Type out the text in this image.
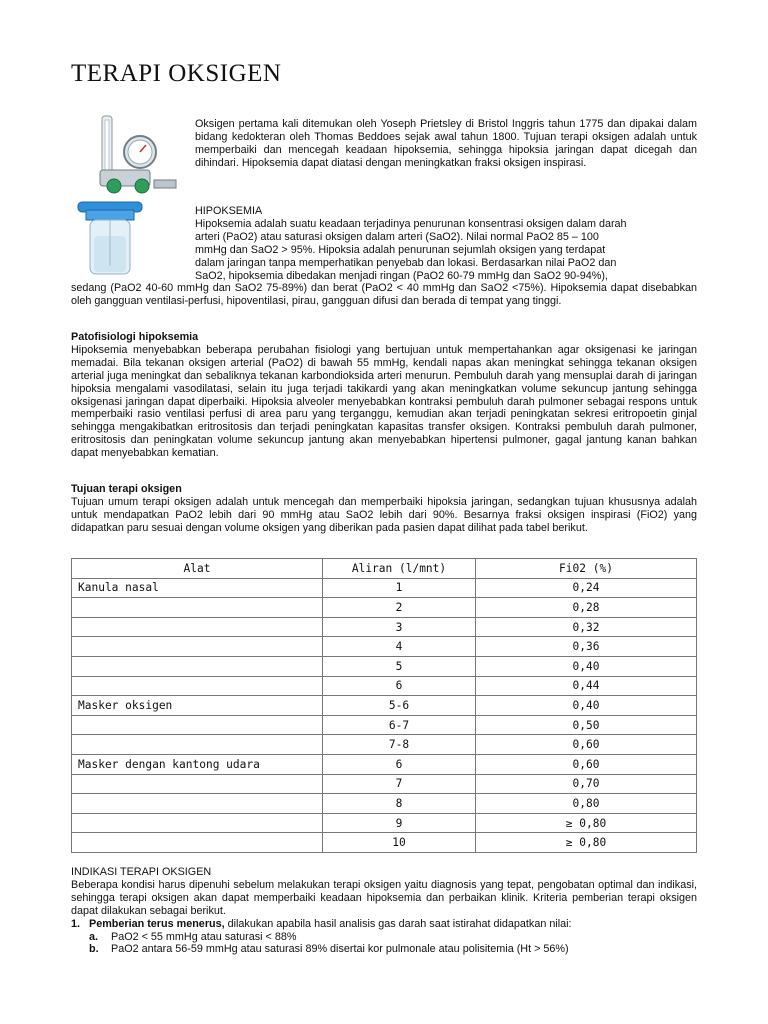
TERAPI OKSIGEN
Oksigen pertama kali ditemukan oleh Yoseph Prietsley di Bristol Inggris tahun 1775 dan dipakai dalam bidang kedokteran oleh Thomas Beddoes sejak awal tahun 1800. Tujuan terapi oksigen adalah untuk memperbaiki dan mencegah keadaan hipoksemia, sehingga hipoksia jaringan dapat dicegah dan dihindari. Hipoksemia dapat diatasi dengan meningkatkan fraksi oksigen inspirasi.

HIPOKSEMIA

Hipoksemia adalah suatu keadaan terjadinya penurunan konsentrasi oksigen dalam darah

arteri (PaO2) atau saturasi oksigen dalam arteri (SaO2). Nilai normal PaO2 85 – 100

mmHg dan SaO2 > 95%. Hipoksia adalah penurunan sejumlah oksigen yang terdapat

dalam jaringan tanpa memperhatikan penyebab dan lokasi. Berdasarkan nilai PaO2 dan

SaO2, hipoksemia dibedakan menjadi ringan (PaO2 60-79 mmHg dan SaO2 90-94%),

sedang (PaO2 40-60 mmHg dan SaO2 75-89%) dan berat (PaO2 < 40 mmHg dan SaO2 <75%). Hipoksemia dapat disebabkan oleh gangguan ventilasi-perfusi, hipoventilasi, pirau, gangguan difusi dan berada di tempat yang tinggi.

Patofisiologi hipoksemia

Hipoksemia menyebabkan beberapa perubahan fisiologi yang bertujuan untuk mempertahankan agar oksigenasi ke jaringan memadai. Bila tekanan oksigen arterial (PaO2) di bawah 55 mmHg, kendali napas akan meningkat sehingga tekanan oksigen arterial juga meningkat dan sebaliknya tekanan karbondioksida arteri menurun. Pembuluh darah yang mensuplai darah di jaringan hipoksia mengalami vasodilatasi, selain itu juga terjadi takikardi yang akan meningkatkan volume sekuncup jantung sehingga oksigenasi jaringan dapat diperbaiki. Hipoksia alveoler menyebabkan kontraksi pembuluh darah pulmoner sebagai respons untuk memperbaiki rasio ventilasi perfusi di area paru yang terganggu, kemudian akan terjadi peningkatan sekresi eritropoetin ginjal sehingga mengakibatkan eritrositosis dan terjadi peningkatan kapasitas transfer oksigen. Kontraksi pembuluh darah pulmoner, eritrositosis dan peningkatan volume sekuncup jantung akan menyebabkan hipertensi pulmoner, gagal jantung kanan bahkan dapat menyebabkan kematian.

Tujuan terapi oksigen

Tujuan umum terapi oksigen adalah untuk mencegah dan memperbaiki hipoksia jaringan, sedangkan tujuan khususnya adalah untuk mendapatkan PaO2 lebih dari 90 mmHg atau SaO2 lebih dari 90%. Besarnya fraksi oksigen inspirasi (FiO2) yang didapatkan paru sesuai dengan volume oksigen yang diberikan pada pasien dapat dilihat pada tabel berikut.

Alat	Aliran (l/mnt)	Fi02 (%)
Kanula nasal	1	0,24
	2	0,28
	3	0,32
	4	0,36
	5	0,40
	6	0,44
Masker oksigen	5-6	0,40
	6-7	0,50
	7-8	0,60
Masker dengan kantong udara	6	0,60
	7	0,70
	8	0,80
	9	≥ 0,80
	10	≥ 0,80

INDIKASI TERAPI OKSIGEN

Beberapa kondisi harus dipenuhi sebelum melakukan terapi oksigen yaitu diagnosis yang tepat, pengobatan optimal dan indikasi, sehingga terapi oksigen akan dapat memperbaiki keadaan hipoksemia dan perbaikan klinik. Kriteria pemberian terapi oksigen dapat dilakukan sebagai berikut.

1. Pemberian terus menerus, dilakukan apabila hasil analisis gas darah saat istirahat didapatkan nilai:
a.	PaO2 < 55 mmHg atau saturasi < 88%
b.	PaO2 antara 56-59 mmHg atau saturasi 89% disertai kor pulmonale atau polisitemia (Ht > 56%)
